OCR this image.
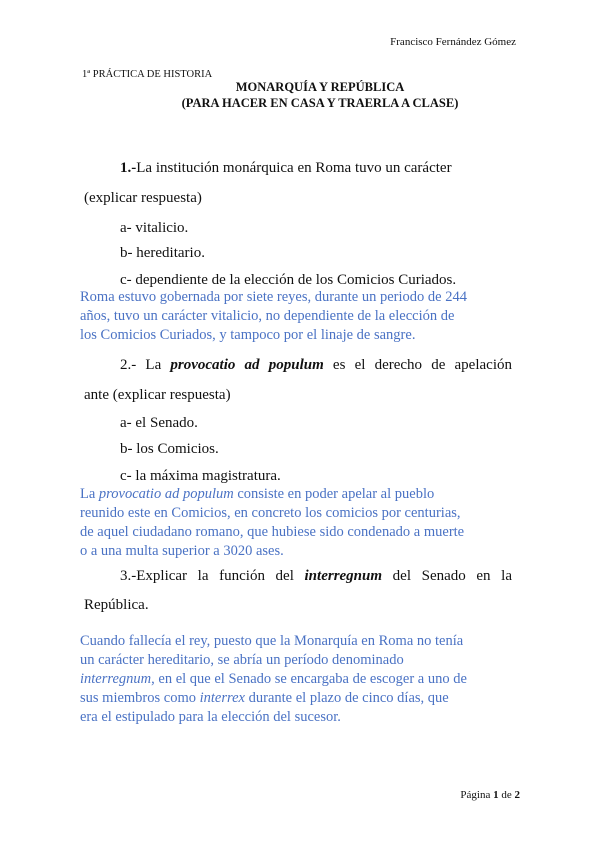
Francisco Fernández Gómez
1ª PRÁCTICA DE HISTORIA
MONARQUÍA Y REPÚBLICA
(PARA HACER EN CASA Y TRAERLA A CLASE)
1.-La institución monárquica en Roma tuvo un carácter
(explicar respuesta)
a- vitalicio.
b- hereditario.
c- dependiente de la elección de los Comicios Curiados.
Roma estuvo gobernada por siete reyes, durante un periodo de 244
años, tuvo un carácter vitalicio, no dependiente de la elección de
los Comicios Curiados, y tampoco por el linaje de sangre.
2.- La provocatio ad populum es el derecho de apelación
ante (explicar respuesta)
a- el Senado.
b- los Comicios.
c- la máxima magistratura.
La provocatio ad populum consiste en poder apelar al pueblo
reunido este en Comicios, en concreto los comicios por centurias,
de aquel ciudadano romano, que hubiese sido condenado a muerte
o a una multa superior a 3020 ases.
3.-Explicar la función del interregnum del Senado en la
República.
Cuando fallecía el rey, puesto que la Monarquía en Roma no tenía
un carácter hereditario, se abría un período denominado
interregnum, en el que el Senado se encargaba de escoger a uno de
sus miembros como interrex durante el plazo de cinco días, que
era el estipulado para la elección del sucesor.
Página 1 de 2
